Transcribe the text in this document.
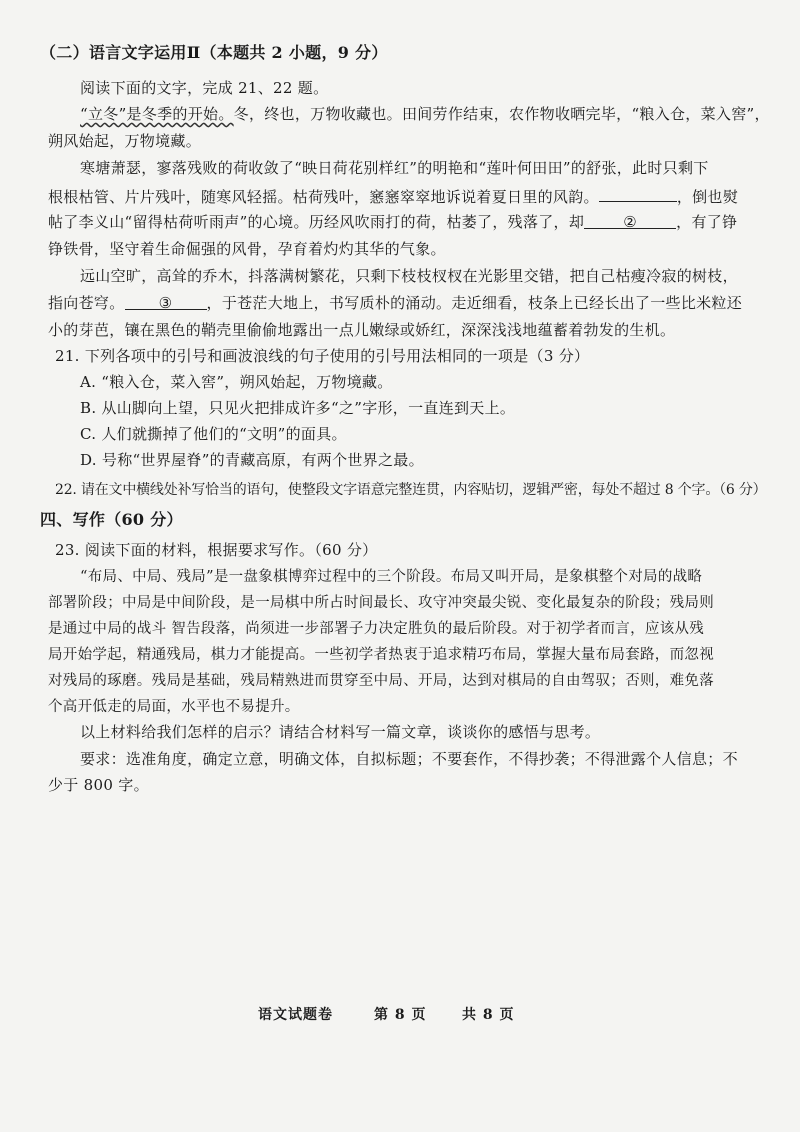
（二）语言文字运用Ⅱ（本题共 2 小题，9 分）
阅读下面的文字，完成 21、22 题。
“立冬”是冬季的开始。冬，终也，万物收藏也。田间劳作结束，农作物收晒完毕，“粮入仓，菜入窖”，
朔风始起，万物境藏。
寒塘萧瑟，寥落残败的荷收敛了“映日荷花别样红”的明艳和“莲叶何田田”的舒张，此时只剩下
根根枯管、片片残叶，随寒风轻摇。枯荷残叶，窸窸窣窣地诉说着夏日里的风韵。	，倒也熨
帖了李义山“留得枯荷听雨声”的心境。历经风吹雨打的荷，枯萎了，残落了，却	②	，有了铮
铮铁骨，坚守着生命倔强的风骨，孕育着灼灼其华的气象。
远山空旷，高耸的乔木，抖落满树繁花，只剩下枝枝杈杈在光影里交错，把自己枯瘦冷寂的树枝，
指向苍穹。 ③ ，于苍茫大地上，书写质朴的涌动。走近细看，枝条上已经长出了一些比米粒还
小的芽芭，镶在黑色的鞘壳里偷偷地露出一点儿嫩绿或娇红，深深浅浅地蕴蓄着勃发的生机。
21. 下列各项中的引号和画波浪线的句子使用的引号用法相同的一项是（3 分）
A. “粮入仓，菜入窖”，朔风始起，万物境藏。
B. 从山脚向上望，只见火把排成许多“之”字形，一直连到天上。
C. 人们就撕掉了他们的“文明”的面具。
D. 号称“世界屋脊”的青藏高原，有两个世界之最。
22. 请在文中横线处补写恰当的语句，使整段文字语意完整连贯，内容贴切，逻辑严密，每处不超过 8 个字。（6 分）
四、写作（60 分）
23. 阅读下面的材料，根据要求写作。（60 分）
“布局、中局、残局”是一盘象棋博弈过程中的三个阶段。布局又叫开局，是象棋整个对局的战略
部署阶段；中局是中间阶段，是一局棋中所占时间最长、攻守冲突最尖锐、变化最复杂的阶段；残局则
是通过中局的战斗 智告段落，尚须进一步部署子力决定胜负的最后阶段。对于初学者而言，应该从残
局开始学起，精通残局，棋力才能提高。一些初学者热衷于追求精巧布局，掌握大量布局套路，而忽视
对残局的琢磨。残局是基础，残局精熟进而贯穿至中局、开局，达到对棋局的自由驾驭；否则，难免落
个高开低走的局面，水平也不易提升。
以上材料给我们怎样的启示？请结合材料写一篇文章，谈谈你的感悟与思考。
要求：选准角度，确定立意，明确文体，自拟标题；不要套作，不得抄袭；不得泄露个人信息；不
少于 800 字。
语文试题卷	第 8 页	共 8 页
